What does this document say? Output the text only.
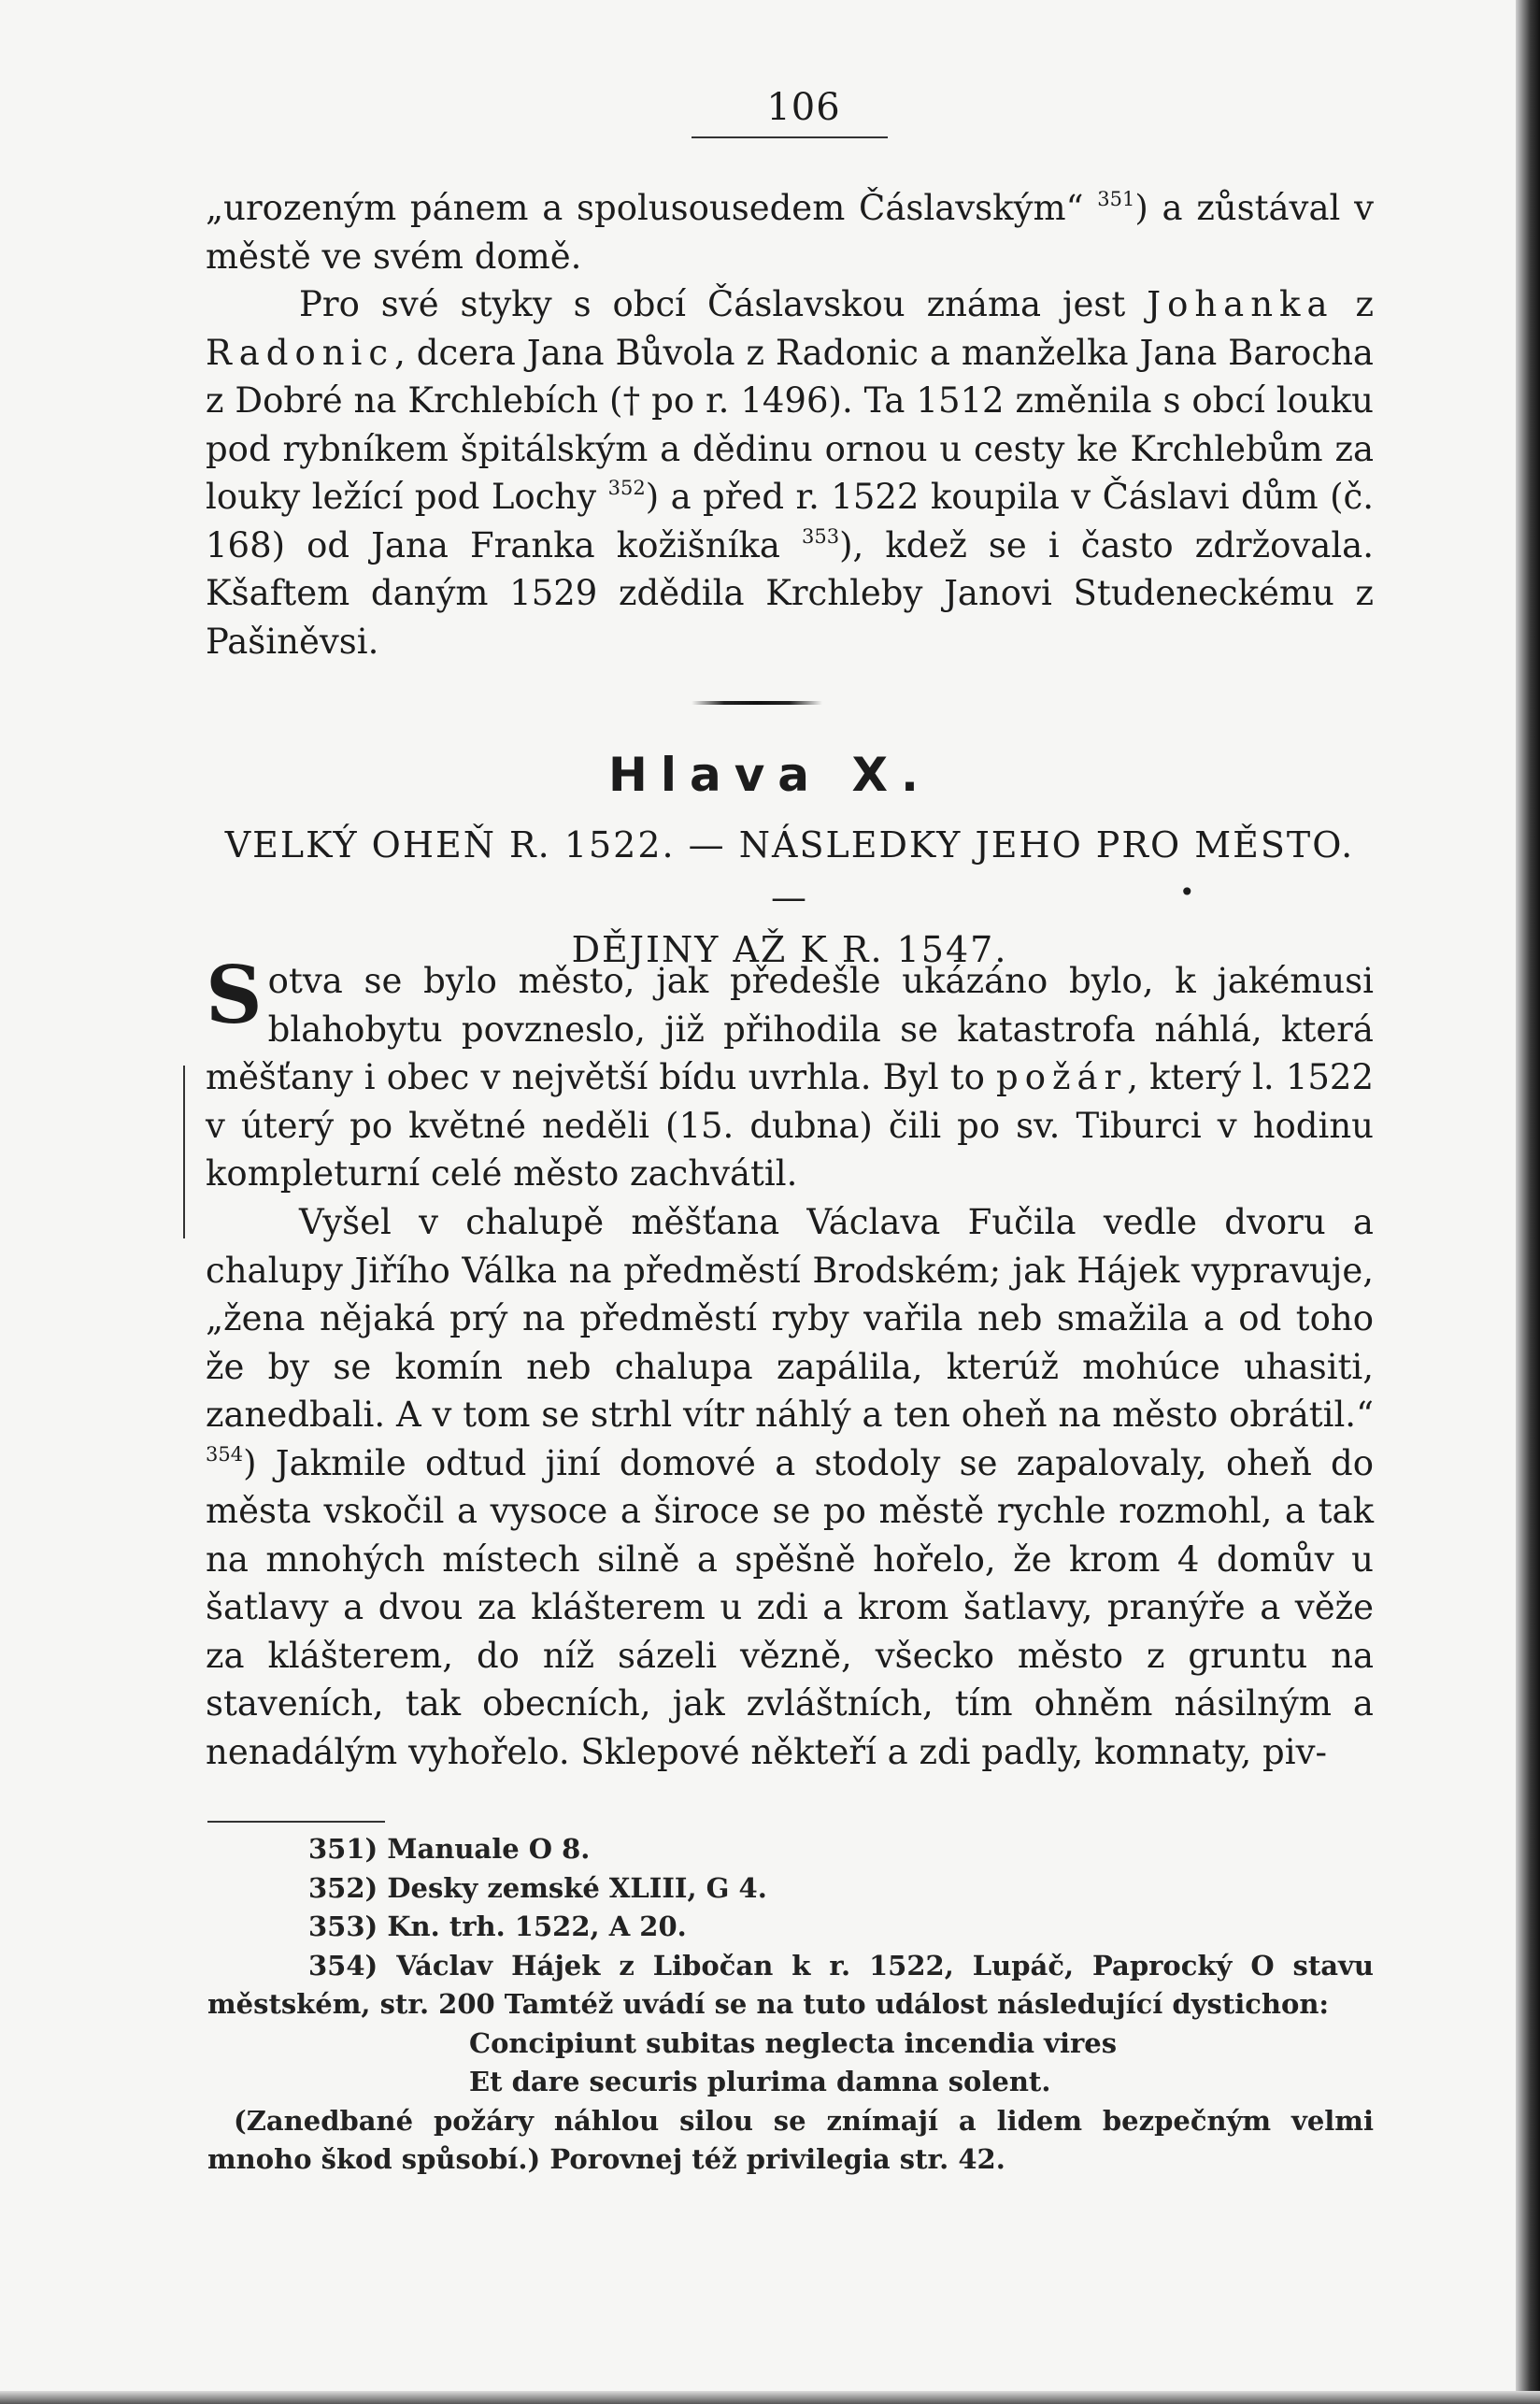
106

„urozeným pánem a spolusousedem Čáslavským“ $^{351}$) a zůstával v městě ve svém domě.

Pro své styky s obcí Čáslavskou známa jest Johanka z Radonic, dcera Jana Bůvola z Radonic a manželka Jana Barocha z Dobré na Krchlebích († po r. 1496). Ta 1512 změnila s obcí louku pod rybníkem špitálským a dědinu ornou u cesty ke Krchlebům za louky ležící pod Lochy $^{352}$) a před r. 1522 koupila v Čáslavi dům (č. 168) od Jana Franka kožišníka $^{353}$), kdež se i často zdržovala. Kšaftem daným 1529 zdědila Krchleby Janovi Studeneckému z Pašiněvsi.

Hlava X.
VELKÝ OHEŇ R. 1522. — NÁSLEDKY JEHO PRO MĚSTO. —
DĚJINY AŽ K R. 1547.
•

Sotva se bylo město, jak předešle ukázáno bylo, k jakémusi blahobytu povzneslo, již přihodila se katastrofa náhlá, která měšťany i obec v největší bídu uvrhla. Byl to požár, který l. 1522 v úterý po květné neděli (15. dubna) čili po sv. Tiburci v hodinu kompleturní celé město zachvátil.

Vyšel v chalupě měšťana Václava Fučila vedle dvoru a chalupy Jiřího Válka na předměstí Brodském; jak Hájek vypravuje, „žena nějaká prý na předměstí ryby vařila neb smažila a od toho že by se komín neb chalupa zapálila, kterúž mohúce uhasiti, zanedbali. A v tom se strhl vítr náhlý a ten oheň na město obrátil.“ $^{354}$) Jakmile odtud jiní domové a stodoly se zapalovaly, oheň do města vskočil a vysoce a široce se po městě rychle rozmohl, a tak na mnohých místech silně a spěšně hořelo, že krom 4 domův u šatlavy a dvou za klášterem u zdi a krom šatlavy, pranýře a věže za klášterem, do níž sázeli vězně, všecko město z gruntu na staveních, tak obecních, jak zvláštních, tím ohněm násilným a nenadálým vyhořelo. Sklepové někteří a zdi padly, komnaty, piv-

351) Manuale O 8.

352) Desky zemské XLIII, G 4.

353) Kn. trh. 1522, A 20.

354) Václav Hájek z Libočan k r. 1522, Lupáč, Paprocký O stavu městském, str. 200 Tamtéž uvádí se na tuto událost následující dystichon:

Concipiunt subitas neglecta incendia vires

Et dare securis plurima damna solent.

(Zanedbané požáry náhlou silou se znímají a lidem bezpečným velmi mnoho škod spůsobí.) Porovnej též privilegia str. 42.
